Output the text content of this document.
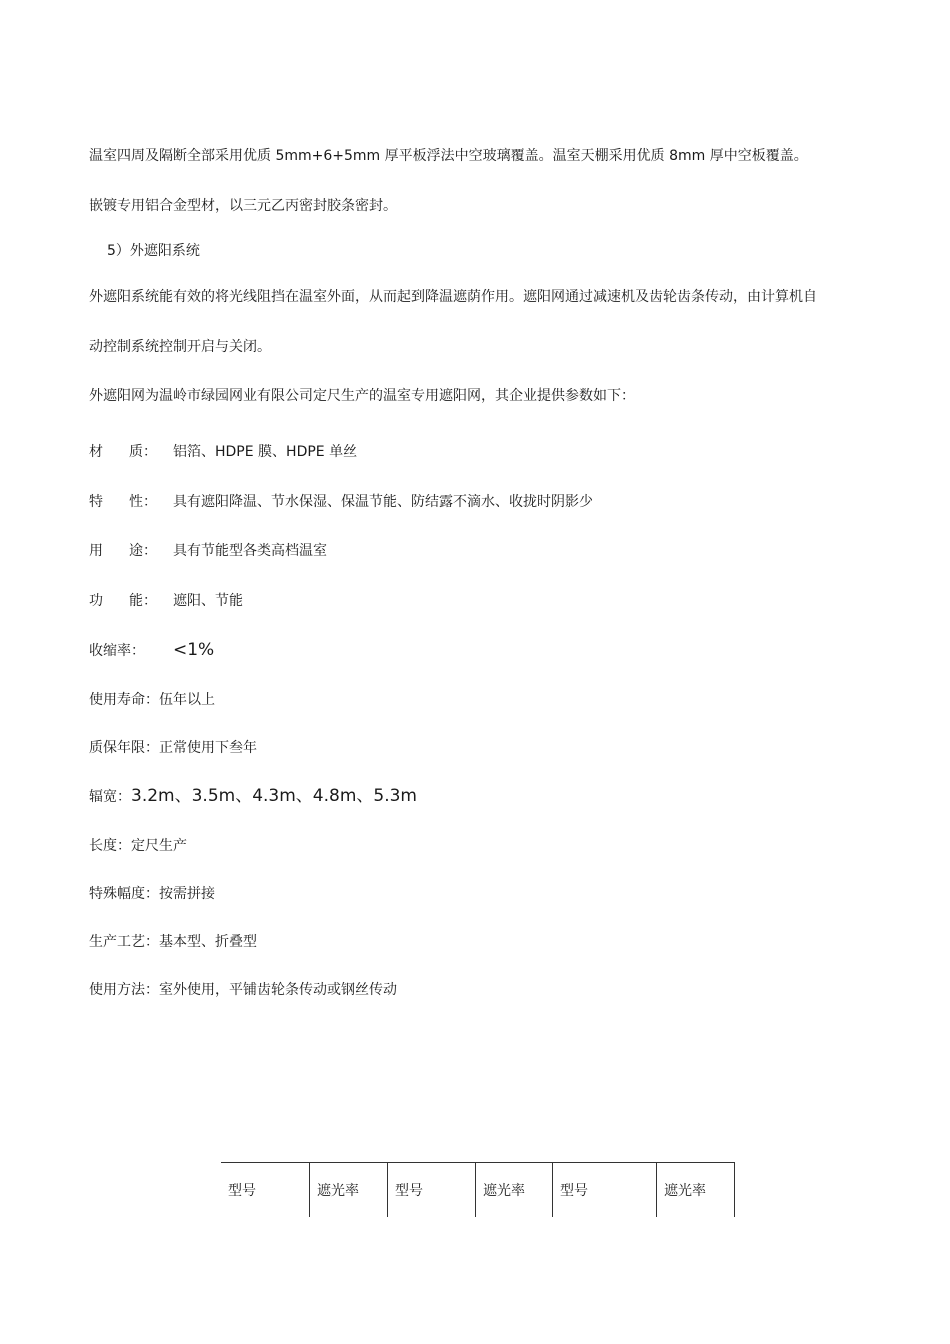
温室四周及隔断全部采用优质 5mm+6+5mm 厚平板浮法中空玻璃覆盖。温室天棚采用优质 8mm 厚中空板覆盖。
嵌镀专用铝合金型材，以三元乙丙密封胶条密封。
5）外遮阳系统
外遮阳系统能有效的将光线阻挡在温室外面，从而起到降温遮荫作用。遮阳网通过减速机及齿轮齿条传动，由计算机自
动控制系统控制开启与关闭。
外遮阳网为温岭市绿园网业有限公司定尺生产的温室专用遮阳网，其企业提供参数如下：
材 质： 铝箔、HDPE 膜、HDPE 单丝
特 性： 具有遮阳降温、节水保湿、保温节能、防结露不滴水、收拢时阴影少
用 途： 具有节能型各类高档温室
功 能： 遮阳、节能
收缩率： <1%
使用寿命：伍年以上
质保年限：正常使用下叁年
辐宽：3.2m、3.5m、4.3m、4.8m、5.3m
长度：定尺生产
特殊幅度：按需拼接
生产工艺：基本型、折叠型
使用方法：室外使用，平铺齿轮条传动或钢丝传动
型号	遮光率	型号	遮光率	型号	遮光率
